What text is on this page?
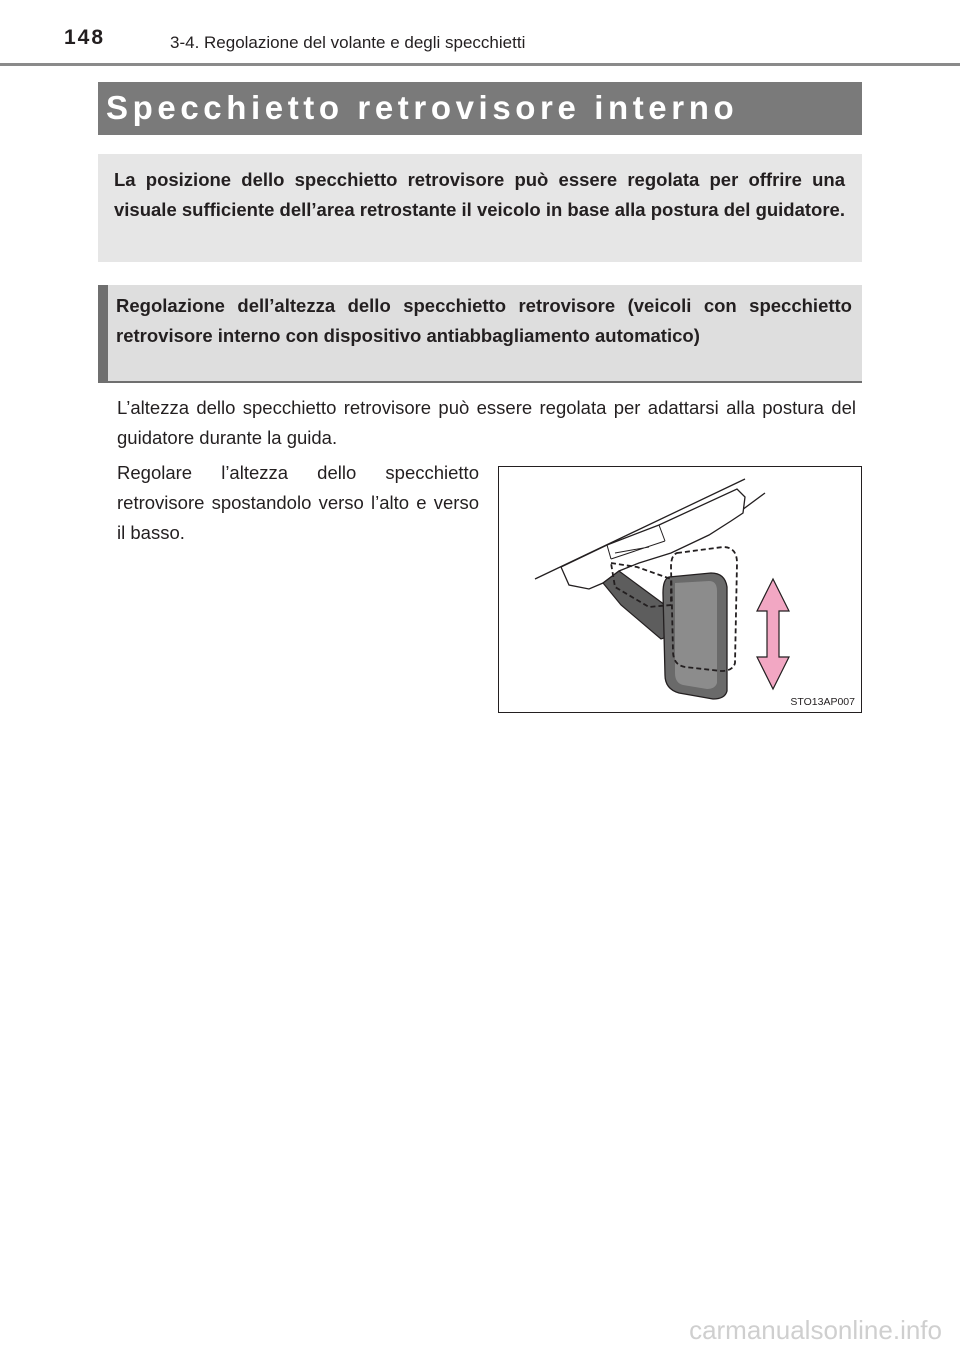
148	3-4. Regolazione del volante e degli specchietti
Specchietto retrovisore interno
La posizione dello specchietto retrovisore può essere regolata per offrire una visuale sufficiente dell’area retrostante il veicolo in base alla postura del guidatore.
Regolazione dell’altezza dello specchietto retrovisore (veicoli con specchietto retrovisore interno con dispositivo antiabbagliamento automatico)
L’altezza dello specchietto retrovisore può essere regolata per adattarsi alla postura del guidatore durante la guida.
Regolare l’altezza dello specchietto retrovisore spostandolo verso l’alto e verso il basso.
STO13AP007
carmanualsonline.info
